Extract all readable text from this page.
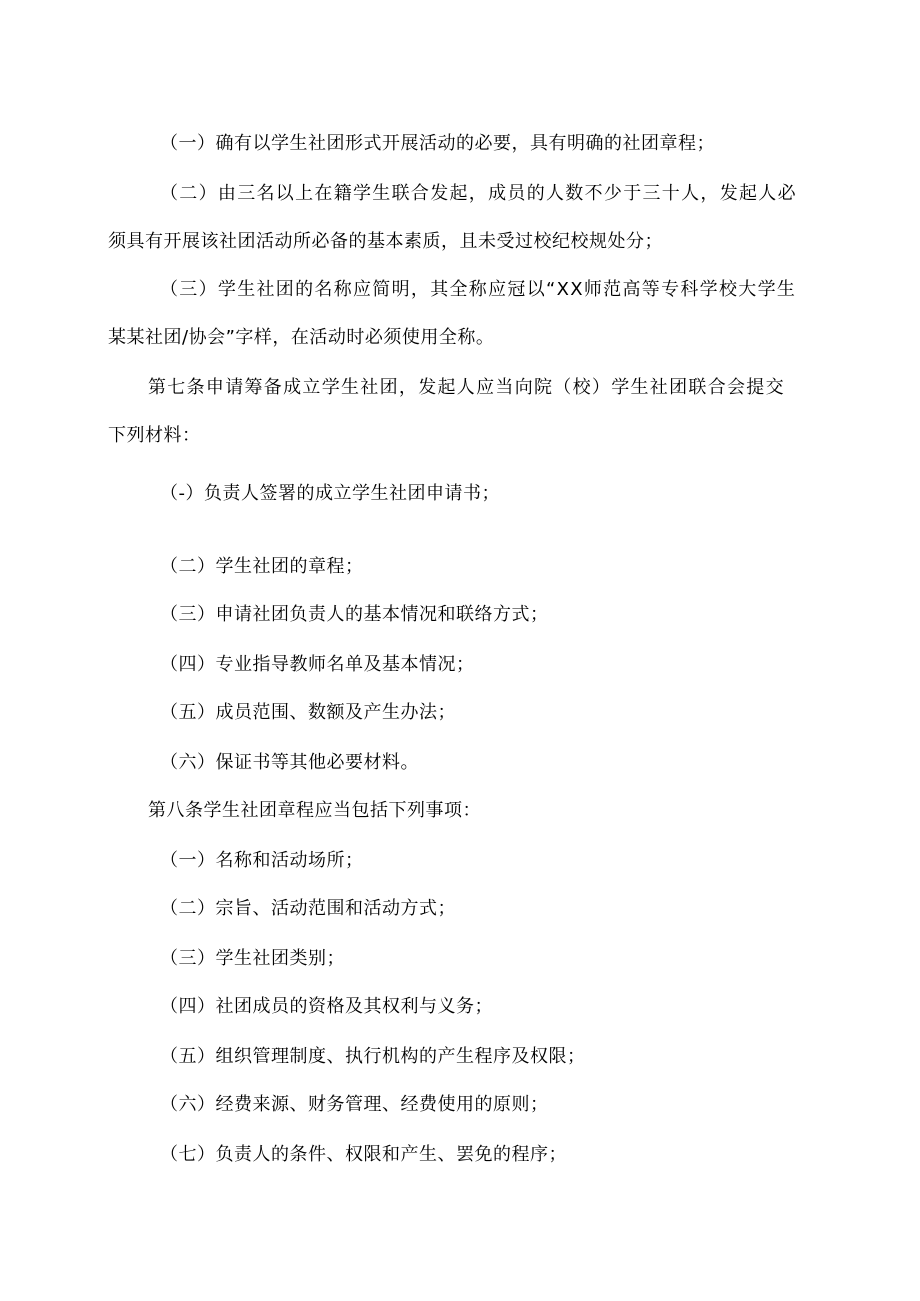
（一）确有以学生社团形式开展活动的必要，具有明确的社团章程；
（二）由三名以上在籍学生联合发起，成员的人数不少于三十人，发起人必
须具有开展该社团活动所必备的基本素质，且未受过校纪校规处分；
（三）学生社团的名称应简明，其全称应冠以“XX师范高等专科学校大学生
某某社团/协会”字样，在活动时必须使用全称。
第七条申请筹备成立学生社团，发起人应当向院（校）学生社团联合会提交
下列材料：
（-）负责人签署的成立学生社团申请书；
（二）学生社团的章程；
（三）申请社团负责人的基本情况和联络方式；
（四）专业指导教师名单及基本情况；
（五）成员范围、数额及产生办法；
（六）保证书等其他必要材料。
第八条学生社团章程应当包括下列事项：
（一）名称和活动场所；
（二）宗旨、活动范围和活动方式；
（三）学生社团类别；
（四）社团成员的资格及其权利与义务；
（五）组织管理制度、执行机构的产生程序及权限；
（六）经费来源、财务管理、经费使用的原则；
（七）负责人的条件、权限和产生、罢免的程序；
